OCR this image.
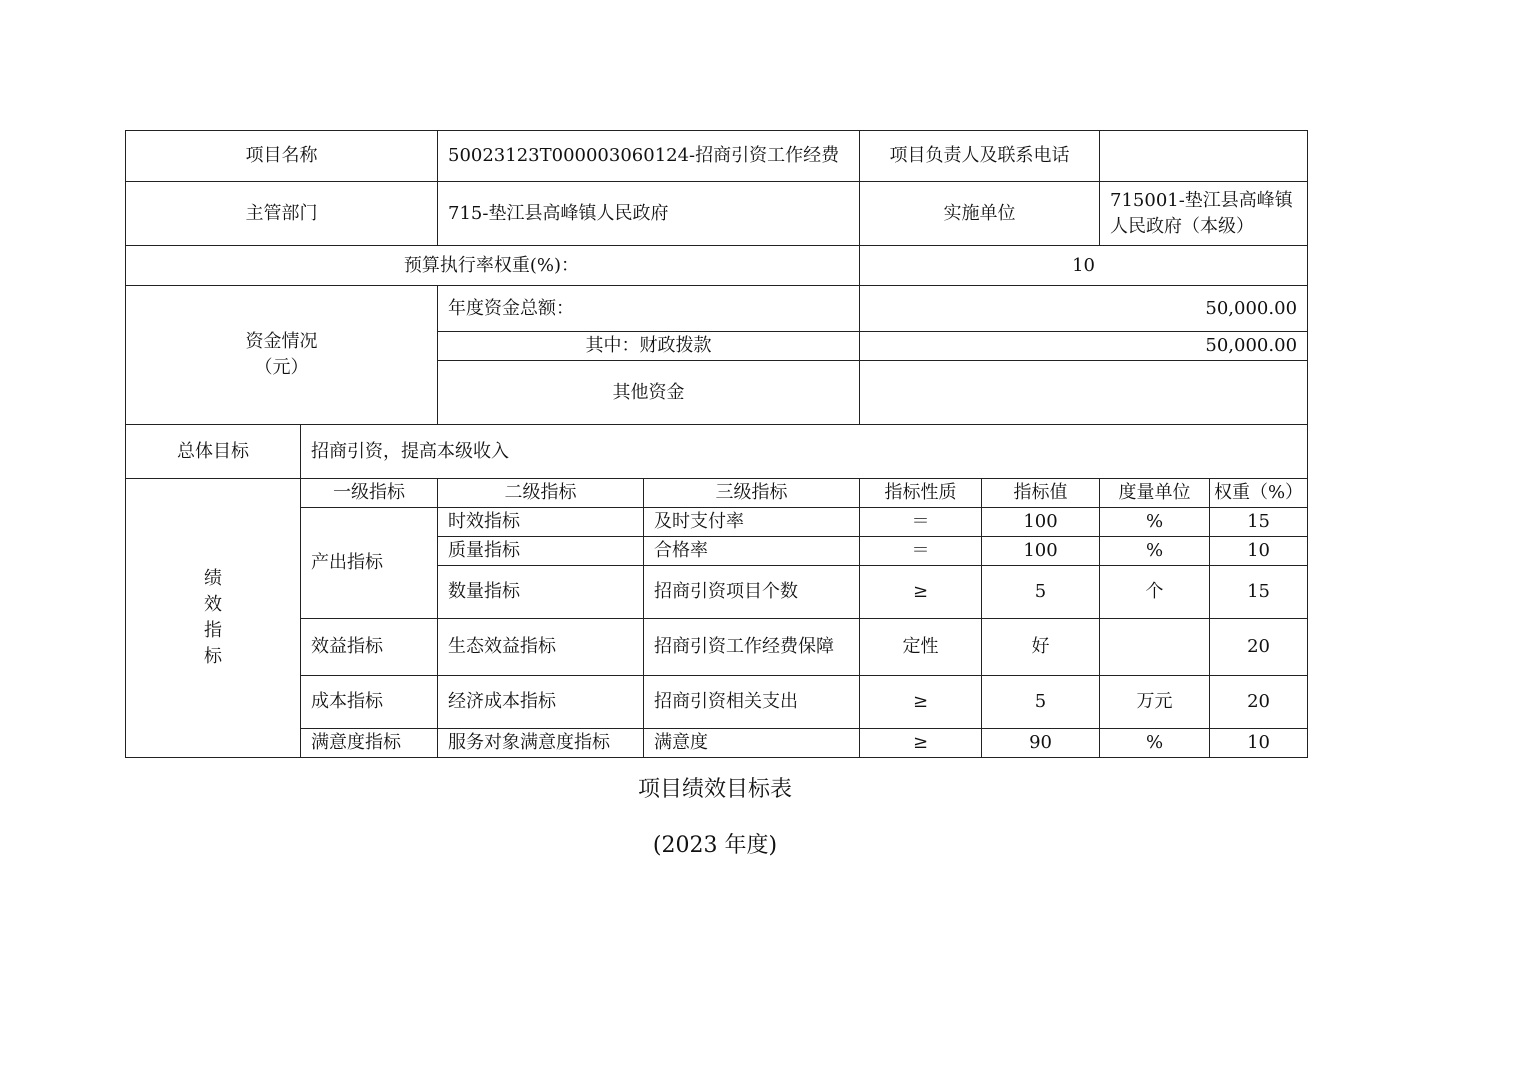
项目名称		50023123T000003060124-招商引资工作经费		项目负责人及联系电话			
主管部门		715-垫江县高峰镇人民政府		实施单位		715001-垫江县高峰镇人民政府（本级）	
预算执行率权重(%)：				10			

资金情况
（元）		年度资金总额：		50,000.00			
		其中：财政拨款		50,000.00			
		其他资金					
总体目标	招商引资，提高本级收入						

绩
效
指
标	一级指标	二级指标	三级指标	指标性质	指标值	度量单位	权重（%）
	产出指标	时效指标	及时支付率	＝	100	%	15
		质量指标	合格率	＝	100	%	10
		数量指标	招商引资项目个数	≥	5	个	15
	效益指标	生态效益指标	招商引资工作经费保障	定性	好		20
	成本指标	经济成本指标	招商引资相关支出	≥	5	万元	20
	满意度指标	服务对象满意度指标	满意度	≥	90	%	10
项目绩效目标表
(2023 年度)
